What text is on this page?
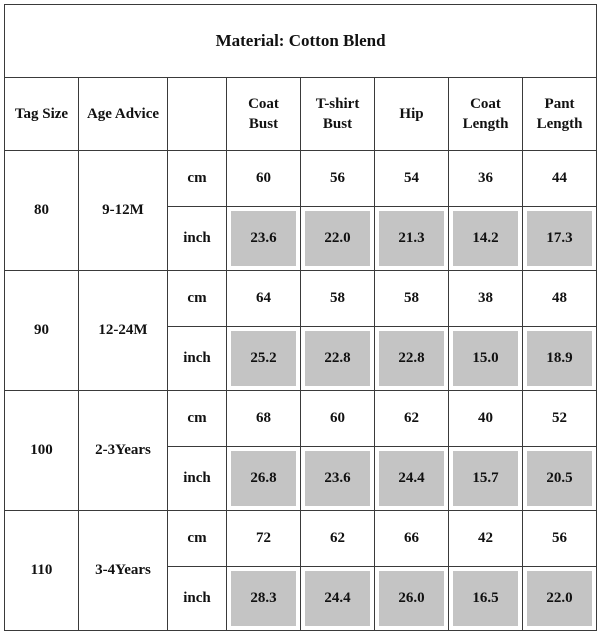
Material: Cotton Blend							
Tag Size	Age Advice		Coat Bust	T-shirt Bust	Hip	Coat Length	Pant Length
80	9-12M	cm	60	56	54	36	44
		inch	23.6	22.0	21.3	14.2	17.3

90	12-24M	cm	64	58	58	38	48
		inch	25.2	22.8	22.8	15.0	18.9

100	2-3Years	cm	68	60	62	40	52
		inch	26.8	23.6	24.4	15.7	20.5

110	3-4Years	cm	72	62	66	42	56
		inch	28.3	24.4	26.0	16.5	22.0
